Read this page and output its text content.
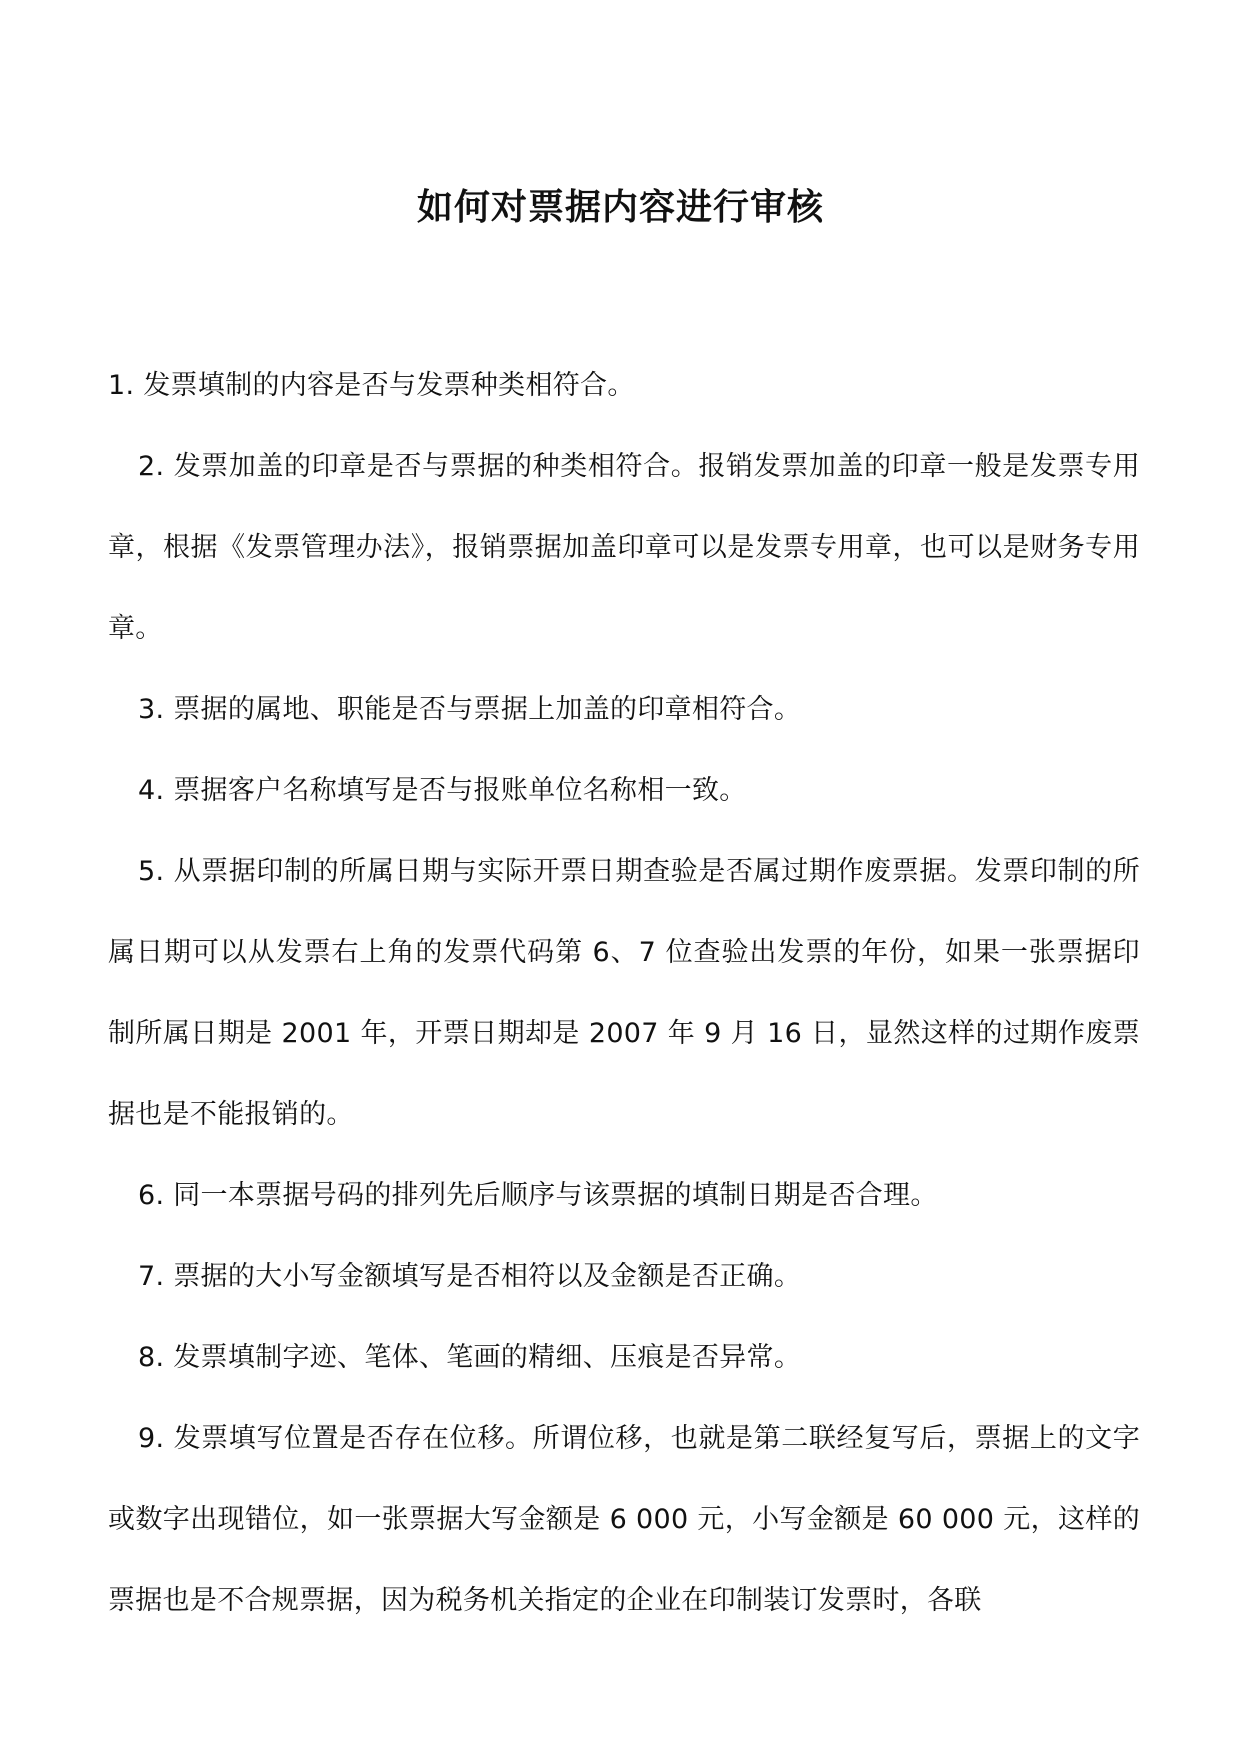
如何对票据内容进行审核

1. 发票填制的内容是否与发票种类相符合。

2. 发票加盖的印章是否与票据的种类相符合。报销发票加盖的印章一般是发票专用章，根据《发票管理办法》，报销票据加盖印章可以是发票专用章，也可以是财务专用章。

3. 票据的属地、职能是否与票据上加盖的印章相符合。

4. 票据客户名称填写是否与报账单位名称相一致。

5. 从票据印制的所属日期与实际开票日期查验是否属过期作废票据。发票印制的所属日期可以从发票右上角的发票代码第 6、7 位查验出发票的年份，如果一张票据印制所属日期是 2001 年，开票日期却是 2007 年 9 月 16 日，显然这样的过期作废票据也是不能报销的。

6. 同一本票据号码的排列先后顺序与该票据的填制日期是否合理。

7. 票据的大小写金额填写是否相符以及金额是否正确。

8. 发票填制字迹、笔体、笔画的精细、压痕是否异常。

9. 发票填写位置是否存在位移。所谓位移，也就是第二联经复写后，票据上的文字或数字出现错位，如一张票据大写金额是 6 000 元，小写金额是 60 000 元，这样的票据也是不合规票据，因为税务机关指定的企业在印制装订发票时，各联
